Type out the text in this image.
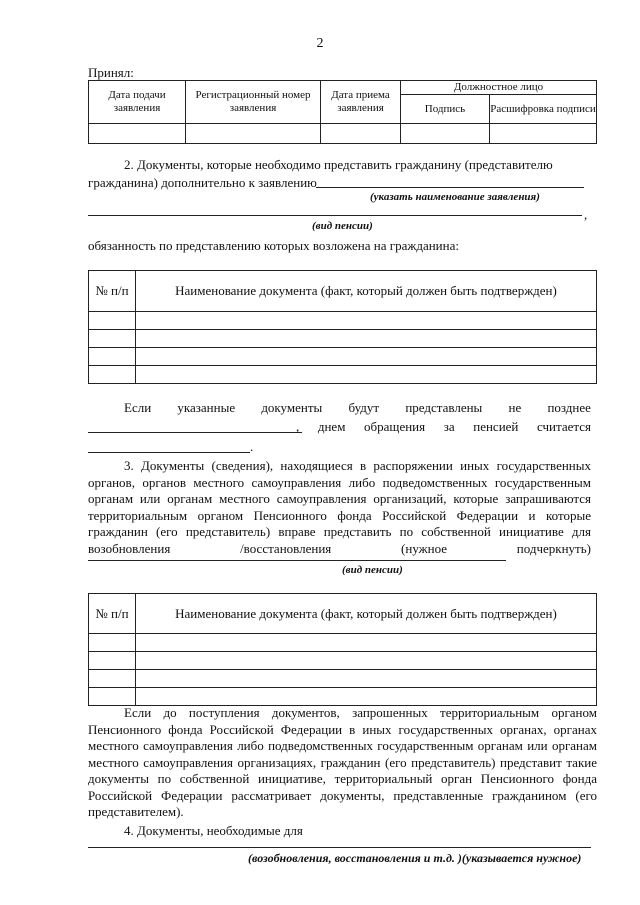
2
Принял:
Дата подачи заявления	Регистрационный номер заявления	Дата приема заявления	Должностное лицо	
			Подпись	Расшифровка подписи

2. Документы, которые необходимо представить гражданину (представителю
гражданина) дополнительно к заявлению
(указать наименование заявления)
,
(вид пенсии)
обязанность по представлению которых возложена на гражданина:
№ п/п	Наименование документа (факт, который должен быть подтвержден)

Если указанные документы будут представлены не позднее
, днем обращения за пенсией считается
.
3. Документы (сведения), находящиеся в распоряжении иных государственных
органов, органов местного самоуправления либо подведомственных государственным
органам или органам местного самоуправления организаций, которые запрашиваются
территориальным органом Пенсионного фонда Российской Федерации и которые
гражданин (его представитель) вправе представить по собственной инициативе для
возобновления	/восстановления	(нужное	подчеркнуть)
(вид пенсии)
№ п/п	Наименование документа (факт, который должен быть подтвержден)

Если до поступления документов, запрошенных территориальным органом
Пенсионного фонда Российской Федерации в иных государственных органах, органах
местного самоуправления либо подведомственных государственным органам или органам
местного самоуправления организациях, гражданин (его представитель) представит такие
документы по собственной инициативе, территориальный орган Пенсионного фонда
Российской Федерации рассматривает документы, представленные гражданином (его
представителем).
4. Документы, необходимые для
(возобновления, восстановления и т.д. )(указывается нужное)
